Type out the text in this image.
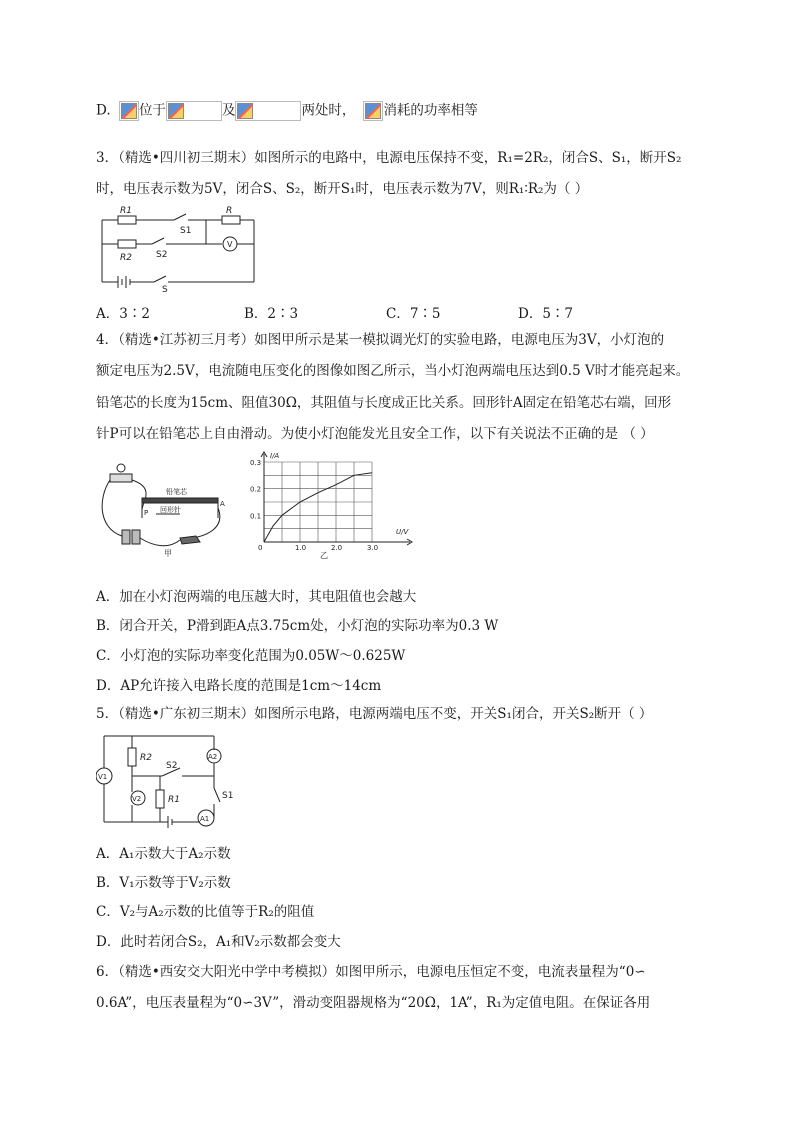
D. 位于	及	两处时， 消耗的功率相等
3．（精选•四川初三期末）如图所示的电路中，电源电压保持不变，R₁=2R₂，闭合S、S₁，断开S₂
时，电压表示数为5V，闭合S、S₂，断开S₁时，电压表示数为7V，则R₁∶R₂为（ ）
R1
R2
R
S1
S2
S
V
A．3∶2	B．2∶3	C．7∶5	D．5∶7
4．（精选•江苏初三月考）如图甲所示是某一模拟调光灯的实验电路，电源电压为3V，小灯泡的
额定电压为2.5V，电流随电压变化的图像如图乙所示，当小灯泡两端电压达到0.5 V时才能亮起来。
铅笔芯的长度为15cm、阻值30Ω，其阻值与长度成正比关系。回形针A固定在铅笔芯右端，回形
针P可以在铅笔芯上自由滑动。为使小灯泡能发光且安全工作，以下有关说法不正确的是 （ ）
铅笔芯
回形针
P
A
甲
I/A
U/V
0	1.0	2.0	3.0
0.1
0.2
0.3
乙
A．加在小灯泡两端的电压越大时，其电阻值也会越大
B．闭合开关，P滑到距A点3.75cm处，小灯泡的实际功率为0.3 W
C．小灯泡的实际功率变化范围为0.05W～0.625W
D．AP允许接入电路长度的范围是1cm～14cm
5．（精选•广东初三期末）如图所示电路，电源两端电压不变，开关S₁闭合，开关S₂断开（ ）
R2
R1
S2
S1
V1
V2
A2
A1
A．A₁示数大于A₂示数
B．V₁示数等于V₂示数
C．V₂与A₂示数的比值等于R₂的阻值
D．此时若闭合S₂，A₁和V₂示数都会变大
6．（精选•西安交大阳光中学中考模拟）如图甲所示，电源电压恒定不变，电流表量程为“0∽
0.6A”，电压表量程为“0∽3V”，滑动变阻器规格为“20Ω，1A”，R₁为定值电阻。在保证各用
